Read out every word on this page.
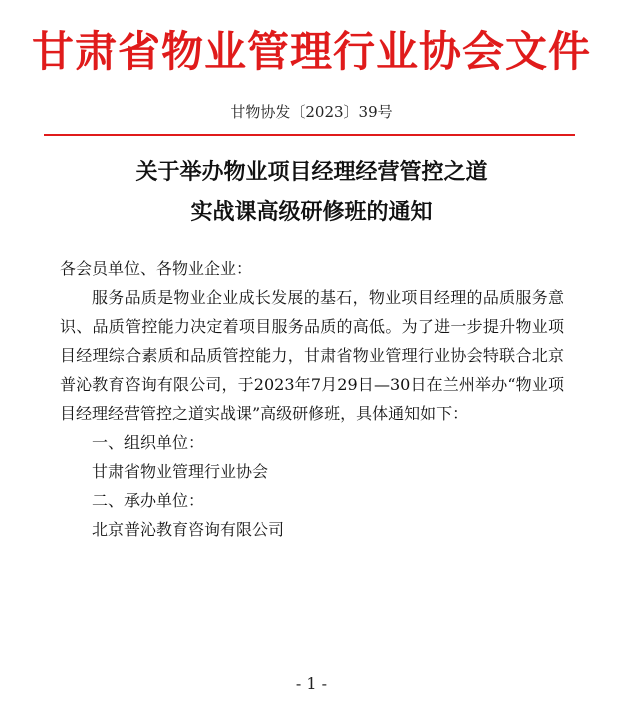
甘肃省物业管理行业协会文件
甘物协发〔2023〕39号
关于举办物业项目经理经营管控之道
实战课高级研修班的通知

各会员单位、各物业企业：

服务品质是物业企业成长发展的基石，物业项目经理的品质服务意识、品质管控能力决定着项目服务品质的高低。为了进一步提升物业项目经理综合素质和品质管控能力，甘肃省物业管理行业协会特联合北京普沁教育咨询有限公司，于2023年7月29日—30日在兰州举办“物业项目经理经营管控之道实战课”高级研修班，具体通知如下：

一、组织单位：

甘肃省物业管理行业协会

二、承办单位：

北京普沁教育咨询有限公司

- 1 -
